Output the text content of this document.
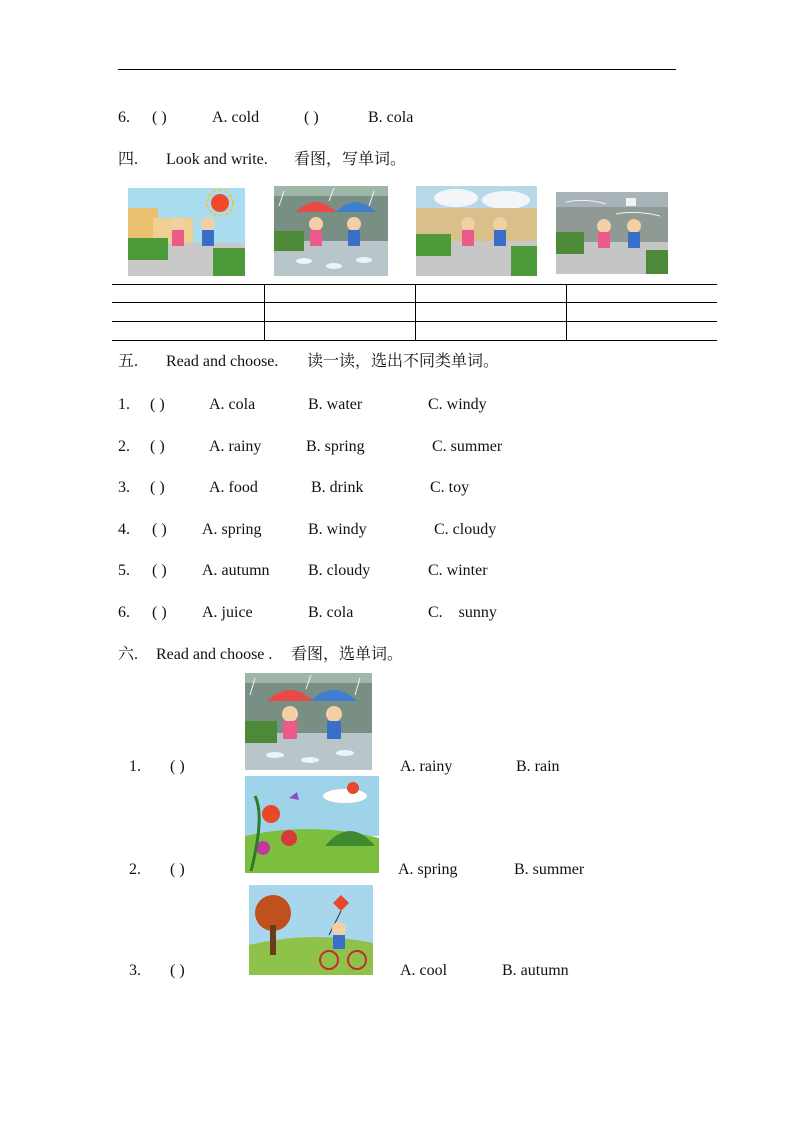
6. ( )	A. cold	( )	B. cola
四. Look and write. 看图，写单词。
五. Read and choose. 读一读，选出不同类单词。
1. ( )	A. cola	B. water	C. windy
2. ( )	A. rainy	B. spring	C. summer
3. ( )	A. food	B. drink	C. toy
4. ( ) A. spring	B. windy	C. cloudy
5. ( ) A. autumn B. cloudy	C. winter
6. ( ) A. juice	B. cola	C.    sunny
六. Read and choose . 看图，选单词。
1. ( )	A. rainy	B. rain
2. ( )	A. spring	B. summer
3. ( )	A. cool	B. autumn
